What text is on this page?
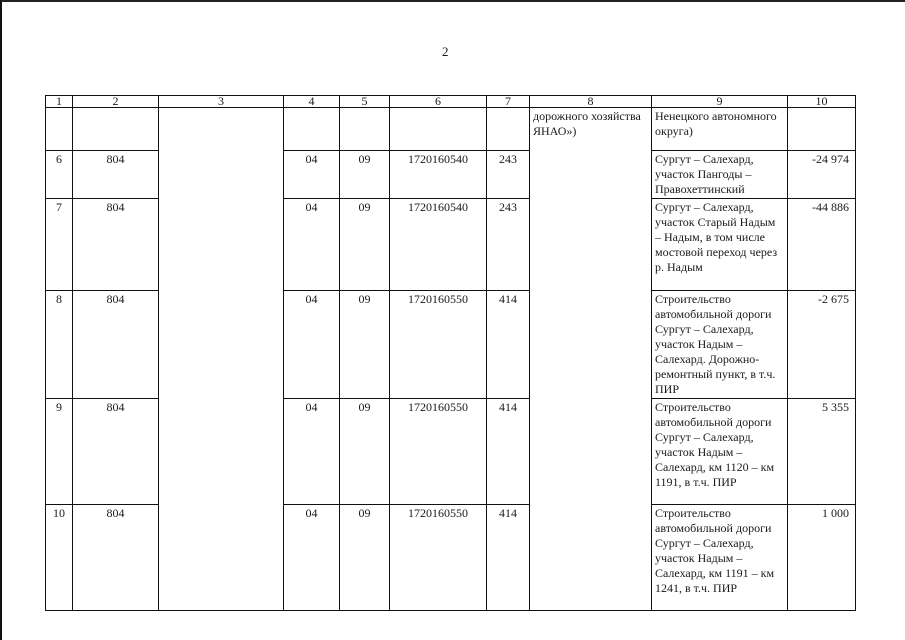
2
1	2	3	4	5	6	7	8	9	10
							дорожного хозяйства ЯНАО»)	Ненецкого автономного округа)	
6	804		04	09	1720160540	243		Сургут – Салехард, участок Пангоды – Правохеттинский	-24 974
7	804		04	09	1720160540	243		Сургут – Салехард, участок Старый Надым – Надым, в том числе мостовой переход через р. Надым	-44 886
8	804		04	09	1720160550	414		Строительство автомобильной дороги Сургут – Салехард, участок Надым – Салехард. Дорожно-ремонтный пункт, в т.ч. ПИР	-2 675
9	804		04	09	1720160550	414		Строительство автомобильной дороги Сургут – Салехард, участок Надым – Салехард, км 1120 – км 1191, в т.ч. ПИР	5 355
10	804		04	09	1720160550	414		Строительство автомобильной дороги Сургут – Салехард, участок Надым – Салехард, км 1191 – км 1241, в т.ч. ПИР	1 000
